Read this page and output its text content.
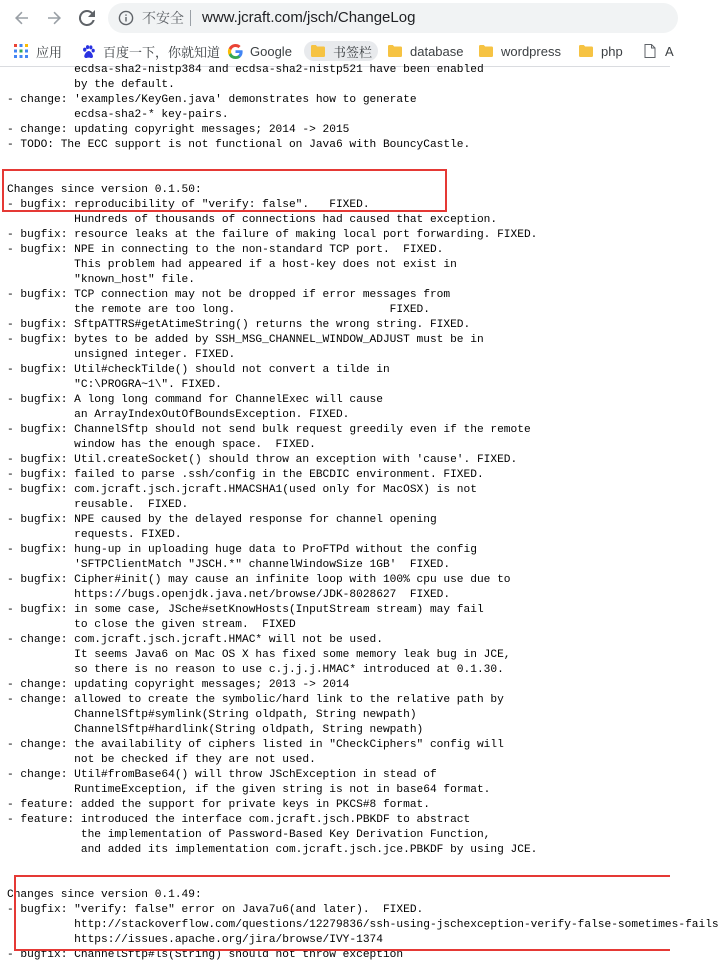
不安全 www.jcraft.com/jsch/ChangeLog
应用	百度一下，你就知道 Google	书签栏	database	wordpress	php	A
ecdsa-sha2-nistp384 and ecdsa-sha2-nistp521 have been enabled
by the default.
- change: 'examples/KeyGen.java' demonstrates how to generate
ecdsa-sha2-* key-pairs.
- change: updating copyright messages; 2014 -> 2015
- TODO: The ECC support is not functional on Java6 with BouncyCastle.
Changes since version 0.1.50:
- bugfix: reproducibility of "verify: false".   FIXED.
Hundreds of thousands of connections had caused that exception.
- bugfix: resource leaks at the failure of making local port forwarding. FIXED.
- bugfix: NPE in connecting to the non-standard TCP port.  FIXED.
This problem had appeared if a host-key does not exist in
"known_host" file.
- bugfix: TCP connection may not be dropped if error messages from
the remote are too long.                       FIXED.
- bugfix: SftpATTRS#getAtimeString() returns the wrong string. FIXED.
- bugfix: bytes to be added by SSH_MSG_CHANNEL_WINDOW_ADJUST must be in
unsigned integer. FIXED.
- bugfix: Util#checkTilde() should not convert a tilde in
"C:\PROGRA~1\". FIXED.
- bugfix: A long long command for ChannelExec will cause
an ArrayIndexOutOfBoundsException. FIXED.
- bugfix: ChannelSftp should not send bulk request greedily even if the remote
window has the enough space.  FIXED.
- bugfix: Util.createSocket() should throw an exception with 'cause'. FIXED.
- bugfix: failed to parse .ssh/config in the EBCDIC environment. FIXED.
- bugfix: com.jcraft.jsch.jcraft.HMACSHA1(used only for MacOSX) is not
reusable.  FIXED.
- bugfix: NPE caused by the delayed response for channel opening
requests. FIXED.
- bugfix: hung-up in uploading huge data to ProFTPd without the config
'SFTPClientMatch "JSCH.*" channelWindowSize 1GB'  FIXED.
- bugfix: Cipher#init() may cause an infinite loop with 100% cpu use due to
https://bugs.openjdk.java.net/browse/JDK-8028627  FIXED.
- bugfix: in some case, JSche#setKnowHosts(InputStream stream) may fail
to close the given stream.  FIXED
- change: com.jcraft.jsch.jcraft.HMAC* will not be used.
It seems Java6 on Mac OS X has fixed some memory leak bug in JCE,
so there is no reason to use c.j.j.j.HMAC* introduced at 0.1.30.
- change: updating copyright messages; 2013 -> 2014
- change: allowed to create the symbolic/hard link to the relative path by
ChannelSftp#symlink(String oldpath, String newpath)
ChannelSftp#hardlink(String oldpath, String newpath)
- change: the availability of ciphers listed in "CheckCiphers" config will
not be checked if they are not used.
- change: Util#fromBase64() will throw JSchException in stead of
RuntimeException, if the given string is not in base64 format.
- feature: added the support for private keys in PKCS#8 format.
- feature: introduced the interface com.jcraft.jsch.PBKDF to abstract
the implementation of Password-Based Key Derivation Function,
and added its implementation com.jcraft.jsch.jce.PBKDF by using JCE.
Changes since version 0.1.49:
- bugfix: "verify: false" error on Java7u6(and later).  FIXED.
http://stackoverflow.com/questions/12279836/ssh-using-jschexception-verify-false-sometimes-fails
https://issues.apache.org/jira/browse/IVY-1374
- bugfix: ChannelSftp#ls(String) should not throw exception
